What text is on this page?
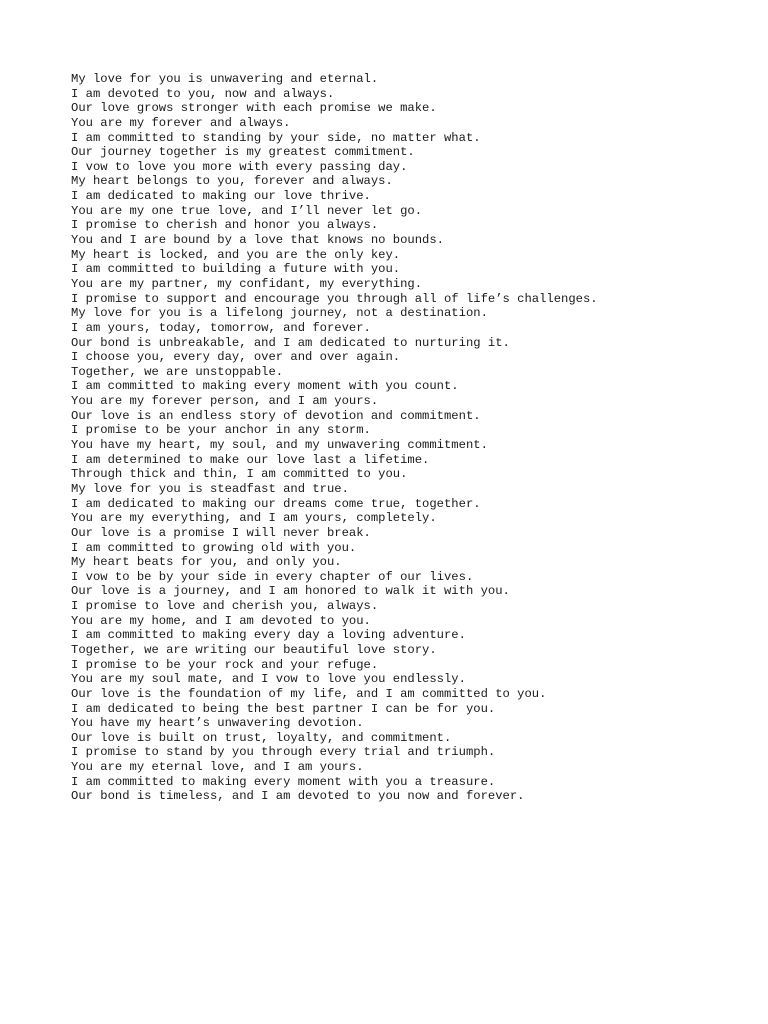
My love for you is unwavering and eternal.
I am devoted to you, now and always.
Our love grows stronger with each promise we make.
You are my forever and always.
I am committed to standing by your side, no matter what.
Our journey together is my greatest commitment.
I vow to love you more with every passing day.
My heart belongs to you, forever and always.
I am dedicated to making our love thrive.
You are my one true love, and I’ll never let go.
I promise to cherish and honor you always.
You and I are bound by a love that knows no bounds.
My heart is locked, and you are the only key.
I am committed to building a future with you.
You are my partner, my confidant, my everything.
I promise to support and encourage you through all of life’s challenges.
My love for you is a lifelong journey, not a destination.
I am yours, today, tomorrow, and forever.
Our bond is unbreakable, and I am dedicated to nurturing it.
I choose you, every day, over and over again.
Together, we are unstoppable.
I am committed to making every moment with you count.
You are my forever person, and I am yours.
Our love is an endless story of devotion and commitment.
I promise to be your anchor in any storm.
You have my heart, my soul, and my unwavering commitment.
I am determined to make our love last a lifetime.
Through thick and thin, I am committed to you.
My love for you is steadfast and true.
I am dedicated to making our dreams come true, together.
You are my everything, and I am yours, completely.
Our love is a promise I will never break.
I am committed to growing old with you.
My heart beats for you, and only you.
I vow to be by your side in every chapter of our lives.
Our love is a journey, and I am honored to walk it with you.
I promise to love and cherish you, always.
You are my home, and I am devoted to you.
I am committed to making every day a loving adventure.
Together, we are writing our beautiful love story.
I promise to be your rock and your refuge.
You are my soul mate, and I vow to love you endlessly.
Our love is the foundation of my life, and I am committed to you.
I am dedicated to being the best partner I can be for you.
You have my heart’s unwavering devotion.
Our love is built on trust, loyalty, and commitment.
I promise to stand by you through every trial and triumph.
You are my eternal love, and I am yours.
I am committed to making every moment with you a treasure.
Our bond is timeless, and I am devoted to you now and forever.
